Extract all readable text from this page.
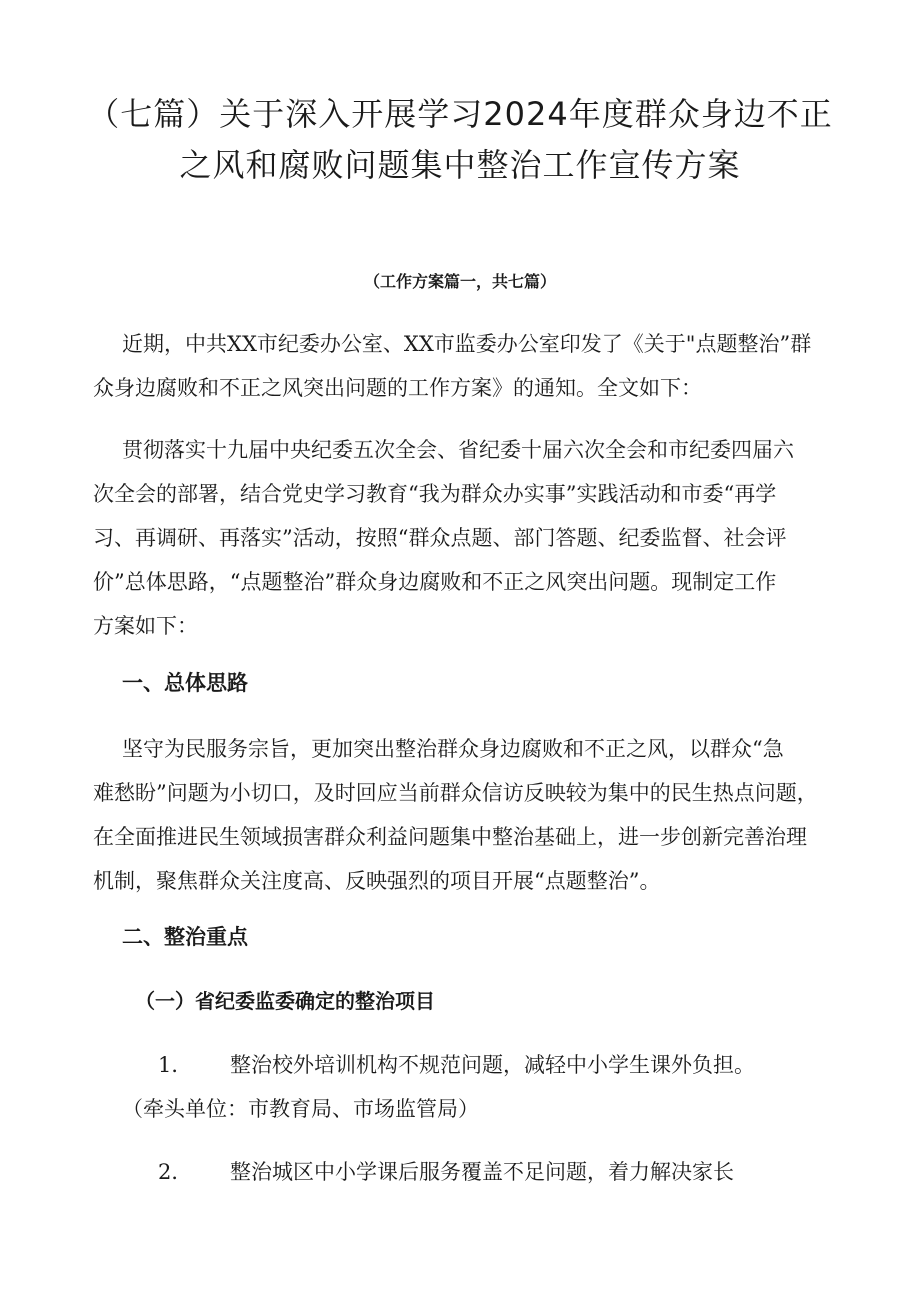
（七篇）关于深入开展学习2024年度群众身边不正
之风和腐败问题集中整治工作宣传方案
（工作方案篇一，共七篇）
近期，中共XX市纪委办公室、XX市监委办公室印发了《关于"点题整治”群
众身边腐败和不正之风突出问题的工作方案》的通知。全文如下：
贯彻落实十九届中央纪委五次全会、省纪委十届六次全会和市纪委四届六
次全会的部署，结合党史学习教育“我为群众办实事”实践活动和市委“再学
习、再调研、再落实”活动，按照“群众点题、部门答题、纪委监督、社会评
价”总体思路，“点题整治”群众身边腐败和不正之风突出问题。现制定工作
方案如下：
一、总体思路
坚守为民服务宗旨，更加突出整治群众身边腐败和不正之风，以群众“急
难愁盼”问题为小切口，及时回应当前群众信访反映较为集中的民生热点问题，
在全面推进民生领域损害群众利益问题集中整治基础上，进一步创新完善治理
机制，聚焦群众关注度高、反映强烈的项目开展“点题整治”。
二、整治重点
（一）省纪委监委确定的整治项目
1． 整治校外培训机构不规范问题，减轻中小学生课外负担。
（牵头单位：市教育局、市场监管局）
2． 整治城区中小学课后服务覆盖不足问题，着力解决家长
